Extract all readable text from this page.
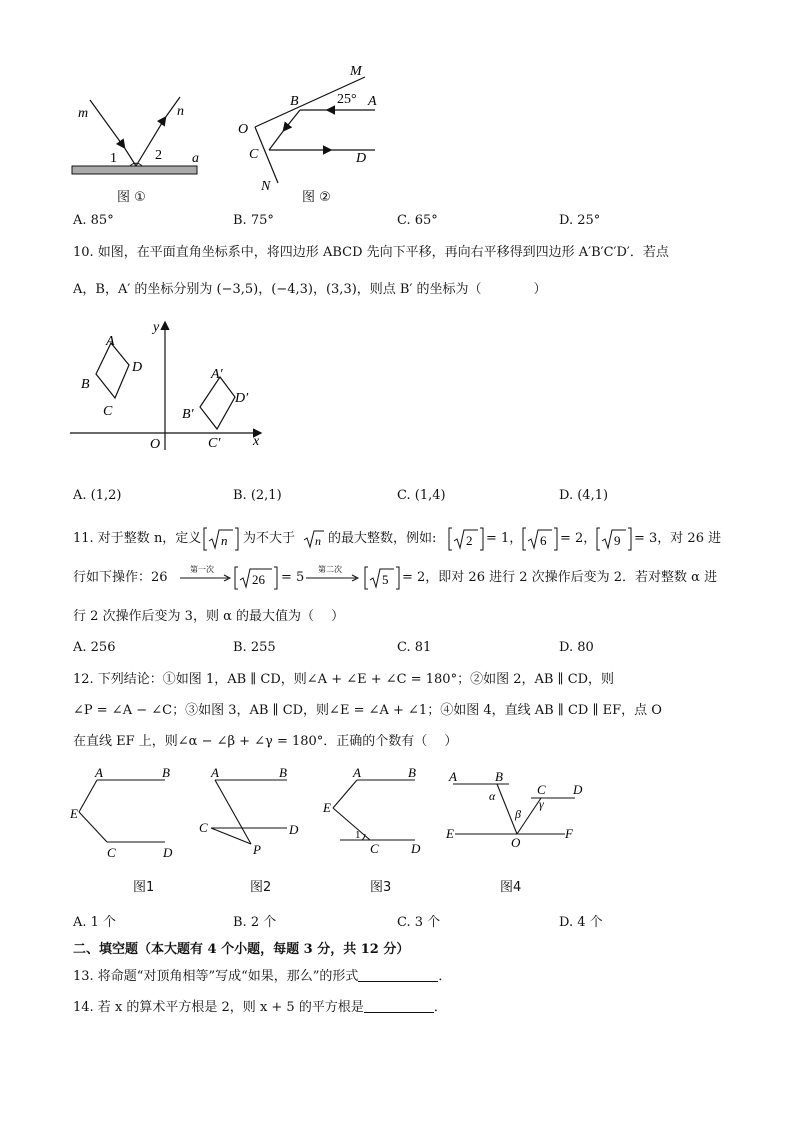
m	n
1	2 a
M
B	25° A
O
C	D
N
图 ①	图 ②
A. 85°	B. 75°	C. 65°	D. 25°
10. 如图，在平面直角坐标系中，将四边形 ABCD 先向下平移，再向右平移得到四边形 A′B′C′D′．若点
A，B，A′ 的坐标分别为 (−3,5)，(−4,3)，(3,3)，则点 B′ 的坐标为（　　　　）
y
x
O
A
D
B
C
A′
D′
B′
C′
A. (1,2)	B. (2,1)	C. (1,4)	D. (4,1)
11. 对于整数 n，定义 n 为不大于 n 的最大整数，例如: 2 = 1， 6 = 2， 9 = 3，对 26 进
行如下操作：26
第一次
26 = 5
第二次
5 = 2，即对 26 进行 2 次操作后变为 2．若对整数 α 进
行 2 次操作后变为 3，则 α 的最大值为（　 ）
A. 256	B. 255	C. 81	D. 80
12. 下列结论：①如图 1，AB ∥ CD，则∠A + ∠E + ∠C = 180°；②如图 2，AB ∥ CD，则
∠P = ∠A − ∠C；③如图 3，AB ∥ CD，则∠E = ∠A + ∠1；④如图 4，直线 AB ∥ CD ∥ EF，点 O
在直线 EF 上，则∠α − ∠β + ∠γ = 180°．正确的个数有（　 ）
A	B
E
C	D
A	B
C	D
P
A	B
E
1
C D
A	B
α	C D
γ
β
E
O
F
图1	图2	图3	图4
A. 1 个	B. 2 个	C. 3 个	D. 4 个
二、填空题（本大题有 4 个小题，每题 3 分，共 12 分）
13. 将命题“对顶角相等”写成“如果，那么”的形式	．
14. 若 x 的算术平方根是 2，则 x + 5 的平方根是	．
